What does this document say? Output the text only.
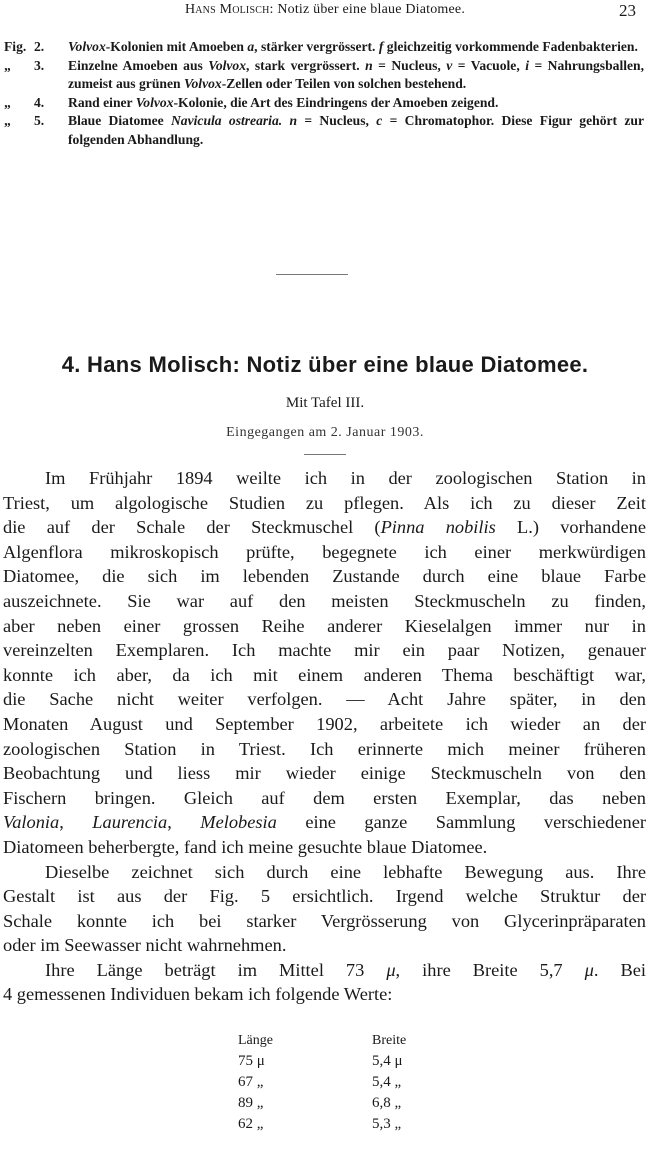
Hans Molisch: Notiz über eine blaue Diatomee.	23
Fig. 2.	Volvox-Kolonien mit Amoeben a, stärker vergrössert. f gleichzeitig vorkommende Fadenbakterien.
„ 3.	Einzelne Amoeben aus Volvox, stark vergrössert. n = Nucleus, v = Vacuole, i = Nahrungsballen, zumeist aus grünen Volvox-Zellen oder Teilen von solchen bestehend.
„ 4.	Rand einer Volvox-Kolonie, die Art des Eindringens der Amoeben zeigend.
„ 5.	Blaue Diatomee Navicula ostrearia. n = Nucleus, c = Chromatophor. Diese Figur gehört zur folgenden Abhandlung.
4. Hans Molisch: Notiz über eine blaue Diatomee.
Mit Tafel III.
Eingegangen am 2. Januar 1903.
Im Frühjahr 1894 weilte ich in der zoologischen Station in
Triest, um algologische Studien zu pflegen. Als ich zu dieser Zeit
die auf der Schale der Steckmuschel (Pinna nobilis L.) vorhandene
Algenflora mikroskopisch prüfte, begegnete ich einer merkwürdigen
Diatomee, die sich im lebenden Zustande durch eine blaue Farbe
auszeichnete. Sie war auf den meisten Steckmuscheln zu finden,
aber neben einer grossen Reihe anderer Kieselalgen immer nur in
vereinzelten Exemplaren. Ich machte mir ein paar Notizen, genauer
konnte ich aber, da ich mit einem anderen Thema beschäftigt war,
die Sache nicht weiter verfolgen. — Acht Jahre später, in den
Monaten August und September 1902, arbeitete ich wieder an der
zoologischen Station in Triest. Ich erinnerte mich meiner früheren
Beobachtung und liess mir wieder einige Steckmuscheln von den
Fischern bringen. Gleich auf dem ersten Exemplar, das neben
Valonia, Laurencia, Melobesia eine ganze Sammlung verschiedener
Diatomeen beherbergte, fand ich meine gesuchte blaue Diatomee.
Dieselbe zeichnet sich durch eine lebhafte Bewegung aus. Ihre
Gestalt ist aus der Fig. 5 ersichtlich. Irgend welche Struktur der
Schale konnte ich bei starker Vergrösserung von Glycerinpräparaten
oder im Seewasser nicht wahrnehmen.
Ihre Länge beträgt im Mittel 73 μ, ihre Breite 5,7 μ. Bei
4 gemessenen Individuen bekam ich folgende Werte:
Länge	Breite
75 μ	5,4 μ
67 „	5,4 „
89 „	6,8 „
62 „	5,3 „
